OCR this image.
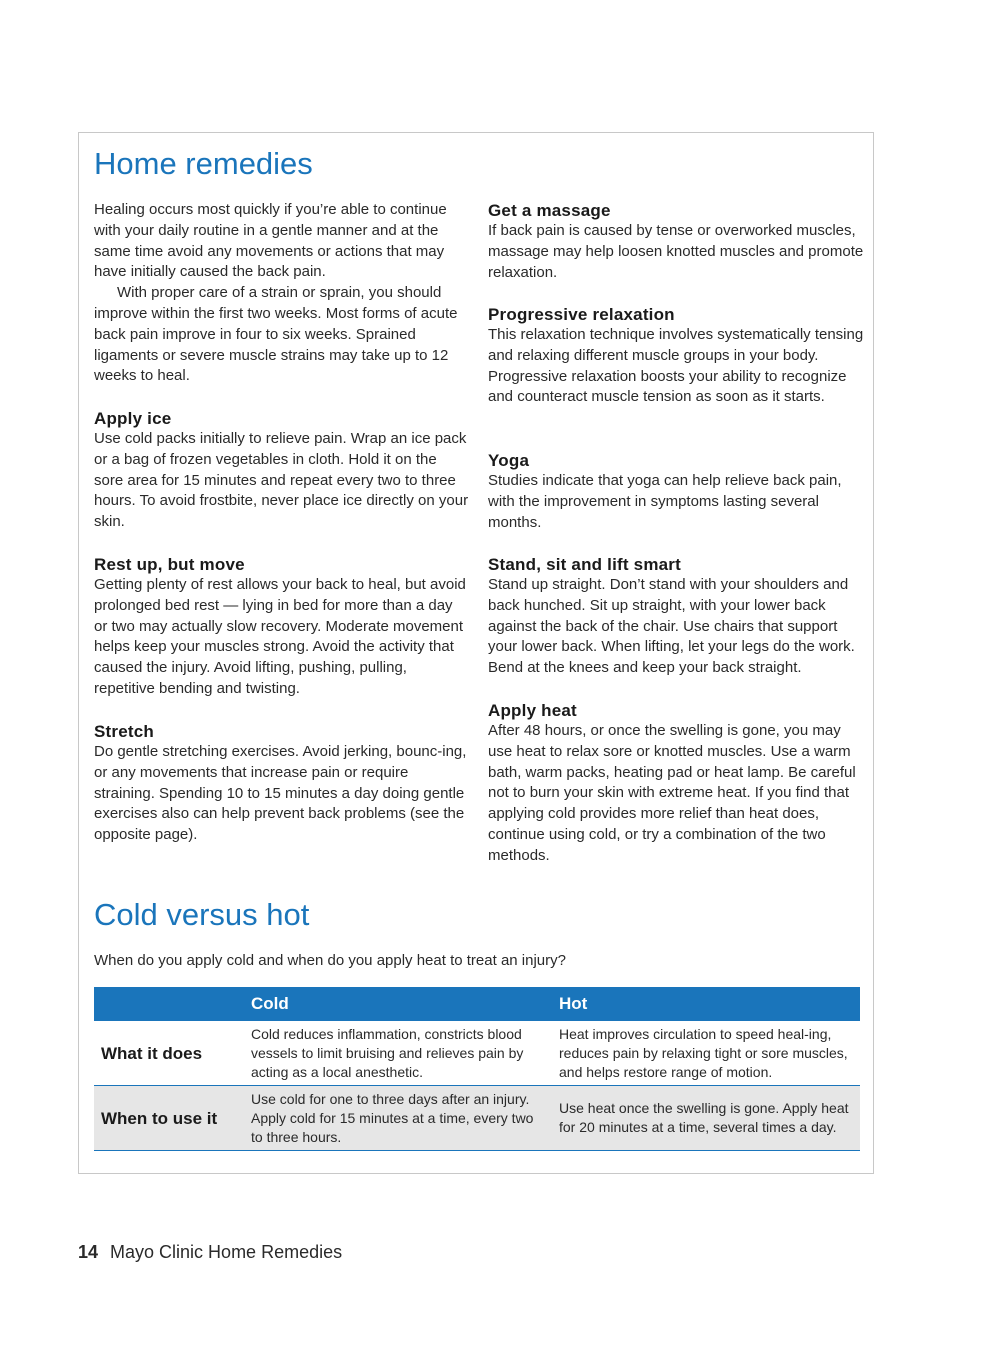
Home remedies

Healing occurs most quickly if you’re able to continue with your daily routine in a gentle manner and at the same time avoid any movements or actions that may have initially caused the back pain.

With proper care of a strain or sprain, you should improve within the first two weeks. Most forms of acute back pain improve in four to six weeks. Sprained ligaments or severe muscle strains may take up to 12 weeks to heal.

Apply ice

Use cold packs initially to relieve pain. Wrap an ice pack or a bag of frozen vegetables in cloth. Hold it on the sore area for 15 minutes and repeat every two to three hours. To avoid frostbite, never place ice directly on your skin.

Rest up, but move

Getting plenty of rest allows your back to heal, but avoid prolonged bed rest — lying in bed for more than a day or two may actually slow recovery. Moderate movement helps keep your muscles strong. Avoid the activity that caused the injury. Avoid lifting, pushing, pulling, repetitive bending and twisting.

Stretch

Do gentle stretching exercises. Avoid jerking, bounc-ing, or any movements that increase pain or require straining. Spending 10 to 15 minutes a day doing gentle exercises also can help prevent back problems (see the opposite page).

Get a massage

If back pain is caused by tense or overworked muscles, massage may help loosen knotted muscles and promote relaxation.

Progressive relaxation

This relaxation technique involves systematically tensing and relaxing different muscle groups in your body. Progressive relaxation boosts your ability to recognize and counteract muscle tension as soon as it starts.

Yoga

Studies indicate that yoga can help relieve back pain, with the improvement in symptoms lasting several months.

Stand, sit and lift smart

Stand up straight. Don’t stand with your shoulders and back hunched. Sit up straight, with your lower back against the back of the chair. Use chairs that support your lower back. When lifting, let your legs do the work. Bend at the knees and keep your back straight.

Apply heat

After 48 hours, or once the swelling is gone, you may use heat to relax sore or knotted muscles. Use a warm bath, warm packs, heating pad or heat lamp. Be careful not to burn your skin with extreme heat. If you find that applying cold provides more relief than heat does, continue using cold, or try a combination of the two methods.

Cold versus hot
When do you apply cold and when do you apply heat to treat an injury?
	Cold	Hot
What it does	Cold reduces inflammation, constricts blood vessels to limit bruising and relieves pain by acting as a local anesthetic.	Heat improves circulation to speed heal-ing, reduces pain by relaxing tight or sore muscles, and helps restore range of motion.
When to use it	Use cold for one to three days after an injury. Apply cold for 15 minutes at a time, every two to three hours.	Use heat once the swelling is gone. Apply heat for 20 minutes at a time, several times a day.
14 Mayo Clinic Home Remedies
